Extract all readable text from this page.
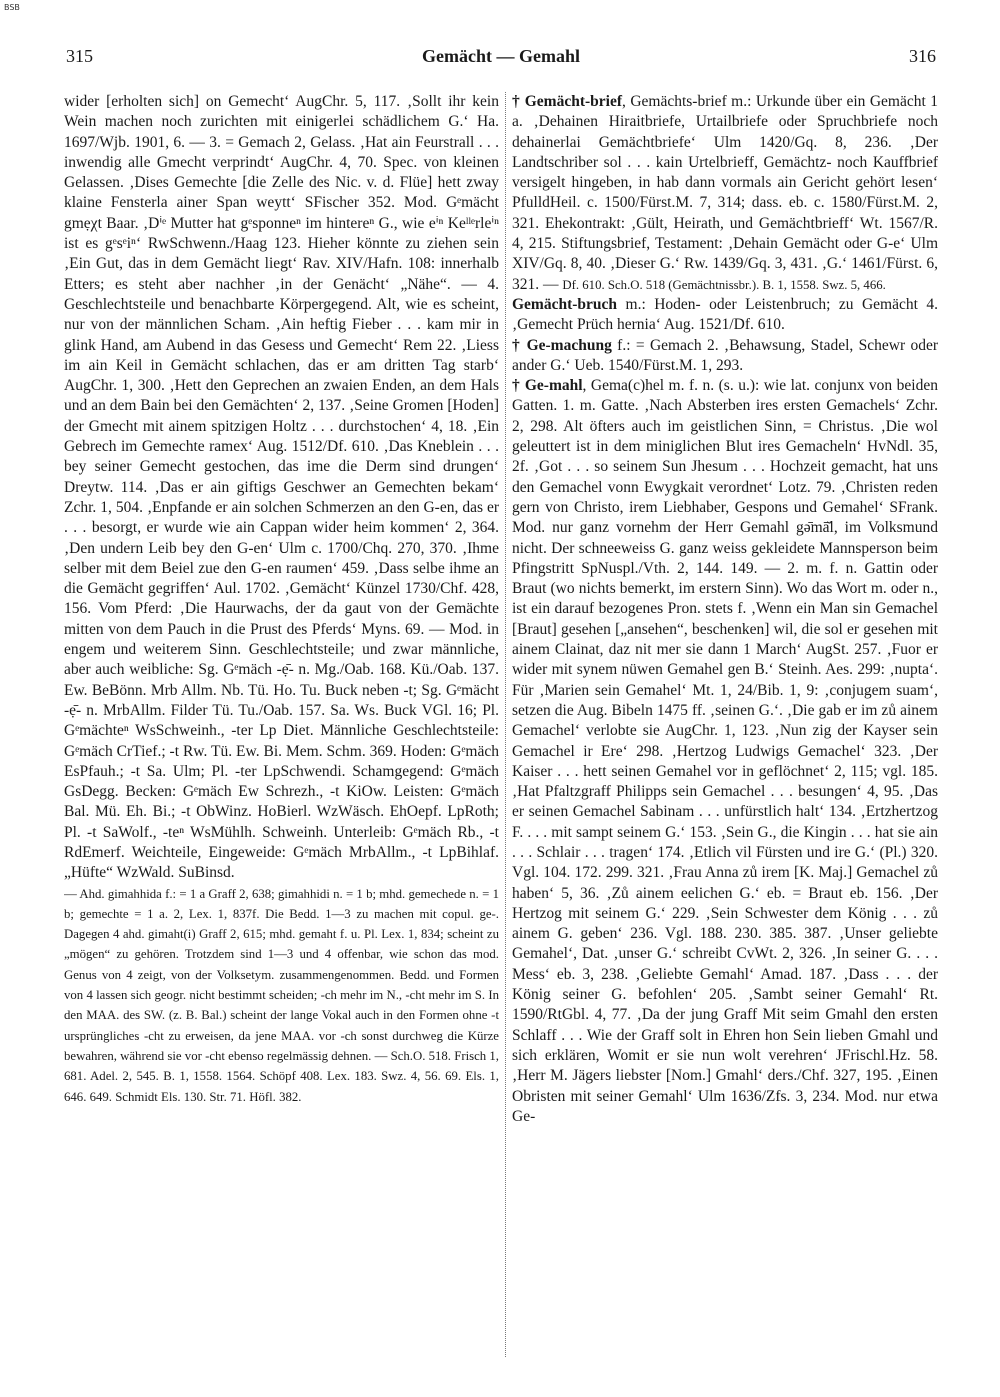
BSB
315	Gemächt — Gemahl	316

wider [erholten sich] on Gemecht‘ AugChr. 5, 117. ‚Sollt ihr kein Wein machen noch zurichten mit einigerlei schädlichem G.‘ Ha. 1697/Wjb. 1901, 6. — 3. = Gemach 2, Gelass. ‚Hat ain Feurstrall . . . inwendig alle Gmecht verprindt‘ AugChr. 4, 70. Spec. von kleinen Gelassen. ‚Dises Gemechte [die Zelle des Nic. v. d. Flüe] hett zway klaine Fensterla ainer Span weytt‘ SFischer 352. Mod. Gᵉmächt gmẹχt Baar. ‚Dⁱᵉ Mutter hat gᵉsponneⁿ im hintereⁿ G., wie eⁱⁿ Keˡˡᵉrleⁱⁿ ist es gᵉsᵉiⁿ‘ RwSchwenn./Haag 123. Hieher könnte zu ziehen sein ‚Ein Gut, das in dem Gemächt liegt‘ Rav. XIV/Hafn. 108: innerhalb Etters; es steht aber nachher ‚in der Genächt‘ „Nähe“. — 4. Geschlechtsteile und benachbarte Körpergegend. Alt, wie es scheint, nur von der männlichen Scham. ‚Ain heftig Fieber . . . kam mir in glink Hand, am Aubend in das Gesess und Gemecht‘ Rem 22. ‚Liess im ain Keil in Gemächt schlachen, das er am dritten Tag starb‘ AugChr. 1, 300. ‚Hett den Geprechen an zwaien Enden, an dem Hals und an dem Bain bei den Gemächten‘ 2, 137. ‚Seine Gromen [Hoden] der Gmecht mit ainem spitzigen Holtz . . . durchstochen‘ 4, 18. ‚Ein Gebrech im Gemechte ramex‘ Aug. 1512/Df. 610. ‚Das Kneblein . . . bey seiner Gemecht gestochen, das ime die Derm sind drungen‘ Dreytw. 114. ‚Das er ain giftigs Geschwer an Gemechten bekam‘ Zchr. 1, 504. ‚Enpfande er ain solchen Schmerzen an den G-en, das er . . . besorgt, er wurde wie ain Cappan wider heim kommen‘ 2, 364. ‚Den undern Leib bey den G-en‘ Ulm c. 1700/Chq. 270, 370. ‚Ihme selber mit dem Beiel zue den G-en raumen‘ 459. ‚Dass selbe ihme an die Gemächt gegriffen‘ Aul. 1702. ‚Gemächt‘ Künzel 1730/Chf. 428, 156. Vom Pferd: ‚Die Haurwachs, der da gaut von der Gemächte mitten von dem Pauch in die Prust des Pferds‘ Myns. 69. — Mod. in engem und weiterem Sinn. Geschlechtsteile; und zwar männliche, aber auch weibliche: Sg. Gᵉmäch -ẹ̄- n. Mg./Oab. 168. Kü./Oab. 137. Ew. BeBönn. Mrb Allm. Nb. Tü. Ho. Tu. Buck neben -t; Sg. Gᵉmächt -ẹ̄- n. MrbAllm. Filder Tü. Tu./Oab. 157. Sa. Ws. Buck VGl. 16; Pl. Gᵉmächteⁿ WsSchweinh., -ter Lp Diet. Männliche Geschlechtsteile: Gᵉmäch CrTief.; -t Rw. Tü. Ew. Bi. Mem. Schm. 369. Hoden: Gᵉmäch EsPfauh.; -t Sa. Ulm; Pl. -ter LpSchwendi. Schamgegend: Gᵉmäch GsDegg. Becken: Gᵉmäch Ew Schrezh., -t KiOw. Leisten: Gᵉmäch Bal. Mü. Eh. Bi.; -t ObWinz. HoBierl. WzWäsch. EhOepf. LpRoth; Pl. -t SaWolf., -teⁿ WsMühlh. Schweinh. Unterleib: Gᵉmäch Rb., -t RdEmerf. Weichteile, Eingeweide: Gᵉmäch MrbAllm., -t LpBihlaf. „Hüfte“ WzWald. SuBinsd.

— Ahd. gimahhida f.: = 1 a Graff 2, 638; gimahhidi n. = 1 b; mhd. gemechede n. = 1 b; gemechte = 1 a. 2, Lex. 1, 837f. Die Bedd. 1—3 zu machen mit copul. ge-. Dagegen 4 ahd. gimaht(i) Graff 2, 615; mhd. gemaht f. u. Pl. Lex. 1, 834; scheint zu „mögen“ zu gehören. Trotzdem sind 1—3 und 4 offenbar, wie schon das mod. Genus von 4 zeigt, von der Volksetym. zusammengenommen. Bedd. und Formen von 4 lassen sich geogr. nicht bestimmt scheiden; -ch mehr im N., -cht mehr im S. In den MAA. des SW. (z. B. Bal.) scheint der lange Vokal auch in den Formen ohne -t ursprüngliches -cht zu erweisen, da jene MAA. vor -ch sonst durchweg die Kürze bewahren, während sie vor -cht ebenso regelmässig dehnen. — Sch.O. 518. Frisch 1, 681. Adel. 2, 545. B. 1, 1558. 1564. Schöpf 408. Lex. 183. Swz. 4, 56. 69. Els. 1, 646. 649. Schmidt Els. 130. Str. 71. Höfl. 382.

† Gemächt-brief, Gemächts-brief m.: Urkunde über ein Gemächt 1 a. ‚Dehainen Hiraitbriefe, Urtailbriefe oder Spruchbriefe noch dehainerlai Gemächtbriefe‘ Ulm 1420/Gq. 8, 236. ‚Der Landtschriber sol . . . kain Urtelbrieff, Gemächtz- noch Kauffbrief versigelt hingeben, in hab dann vormals ain Gericht gehört lesen‘ PfulldHeil. c. 1500/Fürst.M. 7, 314; dass. eb. c. 1580/Fürst.M. 2, 321. Ehekontrakt: ‚Gült, Heirath, und Gemächtbrieff‘ Wt. 1567/R. 4, 215. Stiftungsbrief, Testament: ‚Dehain Gemächt oder G-e‘ Ulm XIV/Gq. 8, 40. ‚Dieser G.‘ Rw. 1439/Gq. 3, 431. ‚G.‘ 1461/Fürst. 6, 321. — Df. 610. Sch.O. 518 (Gemächtnissbr.). B. 1, 1558. Swz. 5, 466.

Gemächt-bruch m.: Hoden- oder Leistenbruch; zu Gemächt 4. ‚Gemecht Prüch hernia‘ Aug. 1521/Df. 610.

† Ge-machung f.: = Gemach 2. ‚Behawsung, Stadel, Schewr oder ander G.‘ Ueb. 1540/Fürst.M. 1, 293.

† Ge-mahl, Gema(c)hel m. f. n. (s. u.): wie lat. conjunx von beiden Gatten. 1. m. Gatte. ‚Nach Absterben ires ersten Gemachels‘ Zchr. 2, 298. Alt öfters auch im geistlichen Sinn, = Christus. ‚Die wol geleuttert ist in dem miniglichen Blut ires Gemacheln‘ HvNdl. 35, 2f. ‚Got . . . so seinem Sun Jhesum . . . Hochzeit gemacht, hat uns den Gemachel vonn Ewygkait verordnet‘ Lotz. 79. ‚Christen reden gern von Christo, irem Liebhaber, Gespons und Gemahel‘ SFrank. Mod. nur ganz vornehm der Herr Gemahl gə̄mā̆l, im Volksmund nicht. Der schneeweiss G. ganz weiss gekleidete Mannsperson beim Pfingstritt SpNuspl./Vth. 2, 144. 149. — 2. m. f. n. Gattin oder Braut (wo nichts bemerkt, im erstern Sinn). Wo das Wort m. oder n., ist ein darauf bezogenes Pron. stets f. ‚Wenn ein Man sin Gemachel [Braut] gesehen [„ansehen“, beschenken] wil, die sol er gesehen mit ainem Clainat, daz nit mer sie dann 1 March‘ AugSt. 257. ‚Fuor er wider mit synem nüwen Gemahel gen B.‘ Steinh. Aes. 299: ‚nupta‘. Für ‚Marien sein Gemahel‘ Mt. 1, 24/Bib. 1, 9: ‚conjugem suam‘, setzen die Aug. Bibeln 1475 ff. ‚seinen G.‘. ‚Die gab er im zů ainem Gemachel‘ verlobte sie AugChr. 1, 123. ‚Nun zig der Kayser sein Gemachel ir Ere‘ 298. ‚Hertzog Ludwigs Gemachel‘ 323. ‚Der Kaiser . . . hett seinen Gemahel vor in geflöchnet‘ 2, 115; vgl. 185. ‚Hat Pfaltzgraff Philipps sein Gemachel . . . besungen‘ 4, 95. ‚Das er seinen Gemachel Sabinam . . . unfürstlich halt‘ 134. ‚Ertzhertzog F. . . . mit sampt seinem G.‘ 153. ‚Sein G., die Kingin . . . hat sie ain . . . Schlair . . . tragen‘ 174. ‚Etlich vil Fürsten und ire G.‘ (Pl.) 320. Vgl. 104. 172. 299. 321. ‚Frau Anna zů irem [K. Maj.] Gemachel zů haben‘ 5, 36. ‚Zů ainem eelichen G.‘ eb. = Braut eb. 156. ‚Der Hertzog mit seinem G.‘ 229. ‚Sein Schwester dem König . . . zů ainem G. geben‘ 236. Vgl. 188. 230. 385. 387. ‚Unser geliebte Gemahel‘, Dat. ‚unser G.‘ schreibt CvWt. 2, 326. ‚In seiner G. . . . Mess‘ eb. 3, 238. ‚Geliebte Gemahl‘ Amad. 187. ‚Dass . . . der König seiner G. befohlen‘ 205. ‚Sambt seiner Gemahl‘ Rt. 1590/RtGbl. 4, 77. ‚Da der jung Graff Mit seim Gmahl den ersten Schlaff . . . Wie der Graff solt in Ehren hon Sein lieben Gmahl und sich erklären, Womit er sie nun wolt verehren‘ JFrischl.Hz. 58. ‚Herr M. Jägers liebster [Nom.] Gmahl‘ ders./Chf. 327, 195. ‚Einen Obristen mit seiner Gemahl‘ Ulm 1636/Zfs. 3, 234. Mod. nur etwa Ge-
